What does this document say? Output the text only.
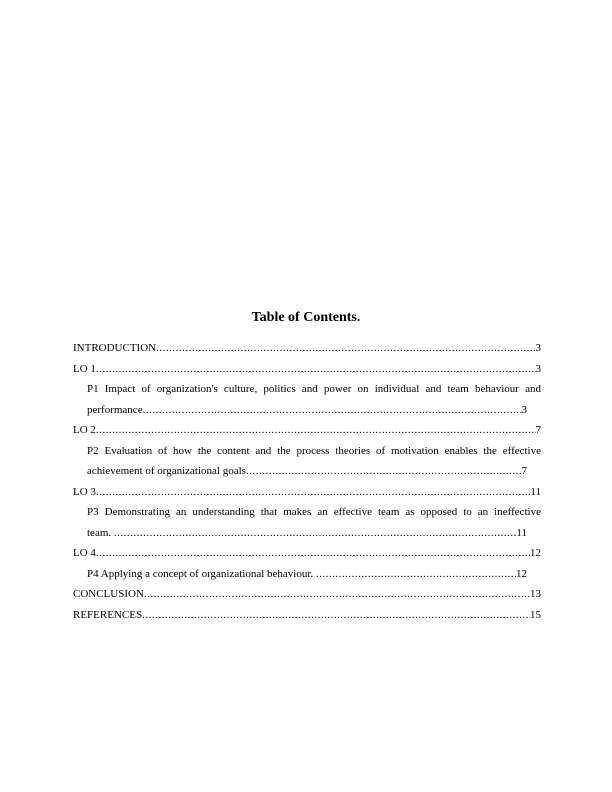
Table of Contents.
INTRODUCTION .....	3
LO 1 .....	3
P1 Impact of organization's culture, politics and power on individual and team behaviour and
performance .....	3
LO 2 .....	7
P2 Evaluation of how the content and the process theories of motivation enables the effective
achievement of organizational goals .....	7
LO 3 .....	11
P3 Demonstrating an understanding that makes an effective team as opposed to an ineffective
team. .....	11
LO 4 .....	12
P4 Applying a concept of organizational behaviour. .....	12
CONCLUSION .....	13
REFERENCES .....	15
